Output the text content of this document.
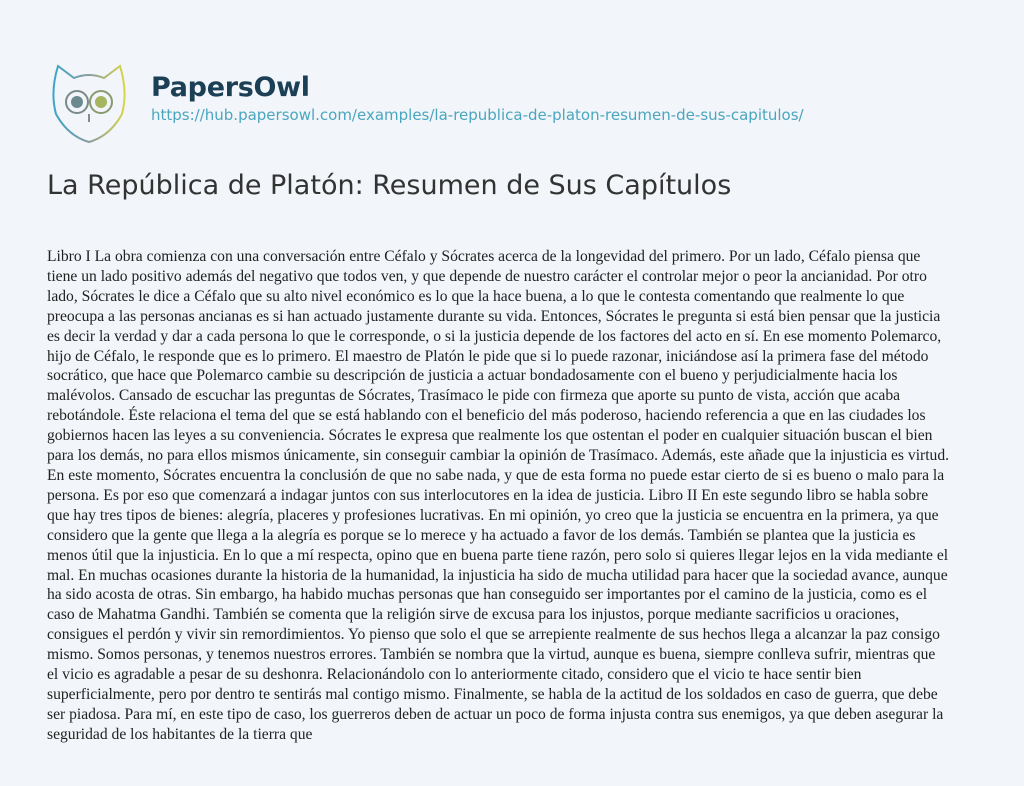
PapersOwl
https://hub.papersowl.com/examples/la-republica-de-platon-resumen-de-sus-capitulos/
La República de Platón: Resumen de Sus Capítulos
Libro I La obra comienza con una conversación entre Céfalo y Sócrates acerca de la longevidad del primero. Por un lado, Céfalo piensa que
tiene un lado positivo además del negativo que todos ven, y que depende de nuestro carácter el controlar mejor o peor la ancianidad. Por otro
lado, Sócrates le dice a Céfalo que su alto nivel económico es lo que la hace buena, a lo que le contesta comentando que realmente lo que
preocupa a las personas ancianas es si han actuado justamente durante su vida. Entonces, Sócrates le pregunta si está bien pensar que la justicia
es decir la verdad y dar a cada persona lo que le corresponde, o si la justicia depende de los factores del acto en sí. En ese momento Polemarco,
hijo de Céfalo, le responde que es lo primero. El maestro de Platón le pide que si lo puede razonar, iniciándose así la primera fase del método
socrático, que hace que Polemarco cambie su descripción de justicia a actuar bondadosamente con el bueno y perjudicialmente hacia los
malévolos. Cansado de escuchar las preguntas de Sócrates, Trasímaco le pide con firmeza que aporte su punto de vista, acción que acaba
rebotándole. Éste relaciona el tema del que se está hablando con el beneficio del más poderoso, haciendo referencia a que en las ciudades los
gobiernos hacen las leyes a su conveniencia. Sócrates le expresa que realmente los que ostentan el poder en cualquier situación buscan el bien
para los demás, no para ellos mismos únicamente, sin conseguir cambiar la opinión de Trasímaco. Además, este añade que la injusticia es virtud.
En este momento, Sócrates encuentra la conclusión de que no sabe nada, y que de esta forma no puede estar cierto de si es bueno o malo para la
persona. Es por eso que comenzará a indagar juntos con sus interlocutores en la idea de justicia. Libro II En este segundo libro se habla sobre
que hay tres tipos de bienes: alegría, placeres y profesiones lucrativas. En mi opinión, yo creo que la justicia se encuentra en la primera, ya que
considero que la gente que llega a la alegría es porque se lo merece y ha actuado a favor de los demás. También se plantea que la justicia es
menos útil que la injusticia. En lo que a mí respecta, opino que en buena parte tiene razón, pero solo si quieres llegar lejos en la vida mediante el
mal. En muchas ocasiones durante la historia de la humanidad, la injusticia ha sido de mucha utilidad para hacer que la sociedad avance, aunque
ha sido acosta de otras. Sin embargo, ha habido muchas personas que han conseguido ser importantes por el camino de la justicia, como es el
caso de Mahatma Gandhi. También se comenta que la religión sirve de excusa para los injustos, porque mediante sacrificios u oraciones,
consigues el perdón y vivir sin remordimientos. Yo pienso que solo el que se arrepiente realmente de sus hechos llega a alcanzar la paz consigo
mismo. Somos personas, y tenemos nuestros errores. También se nombra que la virtud, aunque es buena, siempre conlleva sufrir, mientras que
el vicio es agradable a pesar de su deshonra. Relacionándolo con lo anteriormente citado, considero que el vicio te hace sentir bien
superficialmente, pero por dentro te sentirás mal contigo mismo. Finalmente, se habla de la actitud de los soldados en caso de guerra, que debe
ser piadosa. Para mí, en este tipo de caso, los guerreros deben de actuar un poco de forma injusta contra sus enemigos, ya que deben asegurar la
seguridad de los habitantes de la tierra que
